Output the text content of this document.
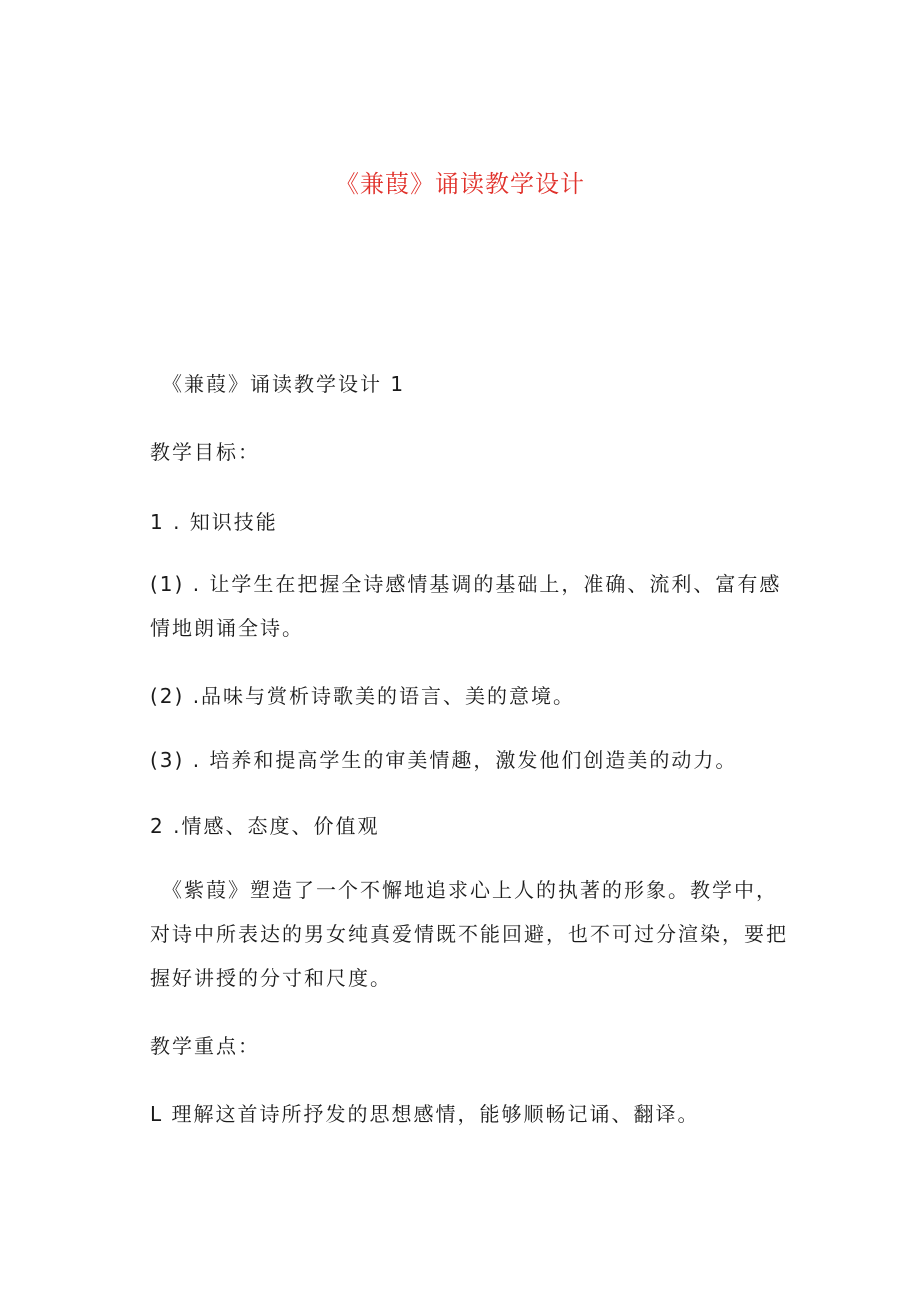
《兼葭》诵读教学设计
《兼葭》诵读教学设计 1
教学目标：
1 . 知识技能
(1) . 让学生在把握全诗感情基调的基础上，准确、流利、富有感
情地朗诵全诗。
(2) .品味与赏析诗歌美的语言、美的意境。
(3) . 培养和提高学生的审美情趣，激发他们创造美的动力。
2 .情感、态度、价值观
《紫葭》塑造了一个不懈地追求心上人的执著的形象。教学中，
对诗中所表达的男女纯真爱情既不能回避，也不可过分渲染，要把
握好讲授的分寸和尺度。
教学重点：
L 理解这首诗所抒发的思想感情，能够顺畅记诵、翻译。
